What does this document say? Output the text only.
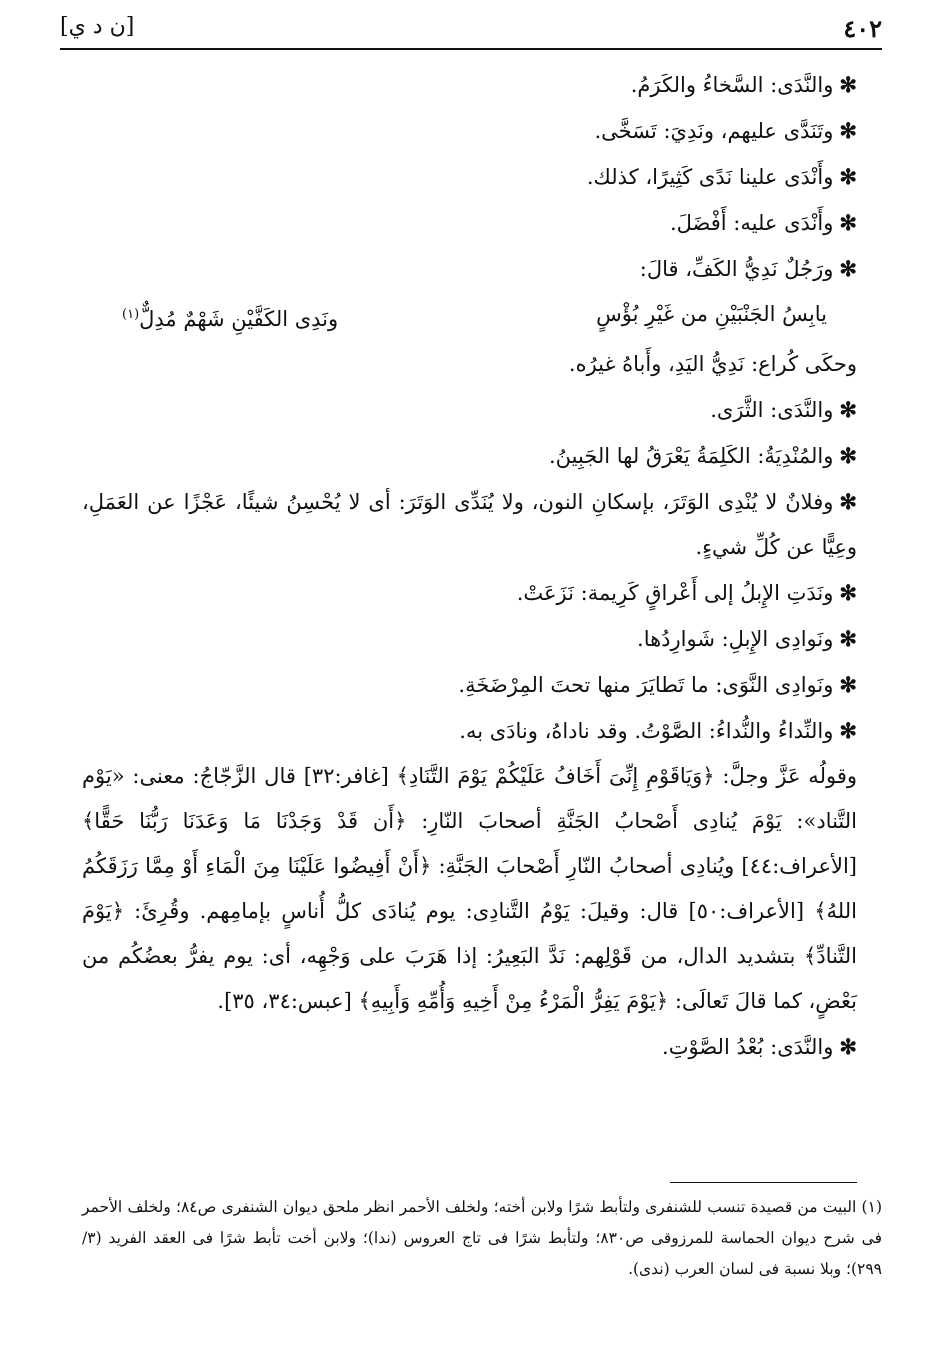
٤٠٢
[ن د ي]
✻والنَّدَى: السَّخاءُ والكَرَمُ.
✻وتَنَدَّى عليهم، ونَدِيَ: تَسَخَّى.
✻وأَنْدَى علينا نَدًى كَثِيرًا، كذلك.
✻وأَنْدَى عليه: أَفْضَلَ.
✻ورَجُلٌ نَدِيُّ الكَفِّ، قالَ:
يابِسُ الجَنْبَيْنِ من غَيْرِ بُؤْسٍ
ونَدِى الكَفَّيْنِ شَهْمٌ مُدِلٌّ$^{(١)}$
وحكَى كُراع: نَدِيُّ اليَدِ، وأَباهُ غيرُه.
✻والنَّدَى: الثَّرَى.
✻والمُنْدِيَةُ: الكَلِمَةُ يَعْرَقُ لها الجَبِينُ.
✻وفلانٌ لا يُنْدِى الوَتَرَ، بإسكانِ النون، ولا يُنَدِّى الوَتَرَ: أى لا يُحْسِنُ شيئًا، عَجْزًا عن العَمَلِ، وعِيًّا عن كُلِّ شيءٍ.
✻ونَدَتِ الإِبلُ إلى أَعْراقٍ كَرِيمة: نَزَعَتْ.
✻ونَوادِى الإِبلِ: شَوارِدُها.
✻ونَوادِى النَّوَى: ما تَطايَرَ منها تحتَ المِرْضَخَةِ.
✻والنِّداءُ والنُّداءُ: الصَّوْتُ. وقد ناداهُ، ونادَى به.
وقولُه عَزَّ وجلَّ: ﴿وَيَاقَوْمِ إِنِّىَ أَخَافُ عَلَيْكُمْ يَوْمَ التَّنَادِ﴾ [غافر:٣٢] قال الزَّجّاجُ: معنى: «يَوْم التَّناد»: يَوْمَ يُنادِى أَصْحابُ الجَنَّةِ أصحابَ النّارِ: ﴿أَن قَدْ وَجَدْنَا مَا وَعَدَنَا رَبُّنَا حَقًّا﴾ [الأعراف:٤٤] ويُنادِى أصحابُ النّارِ أَصْحابَ الجَنَّةِ: ﴿أَنْ أَفِيضُوا عَلَيْنَا مِنَ الْمَاءِ أَوْ مِمَّا رَزَقَكُمُ اللهُ﴾ [الأعراف:٥٠] قال: وقيلَ: يَوْمُ التَّنادِى: يوم يُنادَى كلُّ أُناسٍ بإمامِهم. وقُرِئَ: ﴿يَوْمَ التَّنادِّ﴾ بتشديد الدال، من قَوْلِهم: نَدَّ البَعِيرُ: إذا هَرَبَ على وَجْهِه، أى: يوم يفرُّ بعضُكُم من بَعْضٍ، كما قالَ تَعالَى: ﴿يَوْمَ يَفِرُّ الْمَرْءُ مِنْ أَخِيهِ وَأُمِّهِ وَأَبِيهِ﴾ [عبس:٣٤، ٣٥].
✻والنَّدَى: بُعْدُ الصَّوْتِ.
(١) البيت من قصيدة تنسب للشنفرى ولتأبط شرًا ولابن أخته؛ ولخلف الأحمر انظر ملحق ديوان الشنفرى ص٨٤؛ ولخلف الأحمر فى شرح ديوان الحماسة للمرزوقى ص٨٣٠؛ ولتأبط شرًا فى تاج العروس (ندا)؛ ولابن أخت تأبط شرًا فى العقد الفريد (٣/ ٢٩٩)؛ وبلا نسبة فى لسان العرب (ندى).
